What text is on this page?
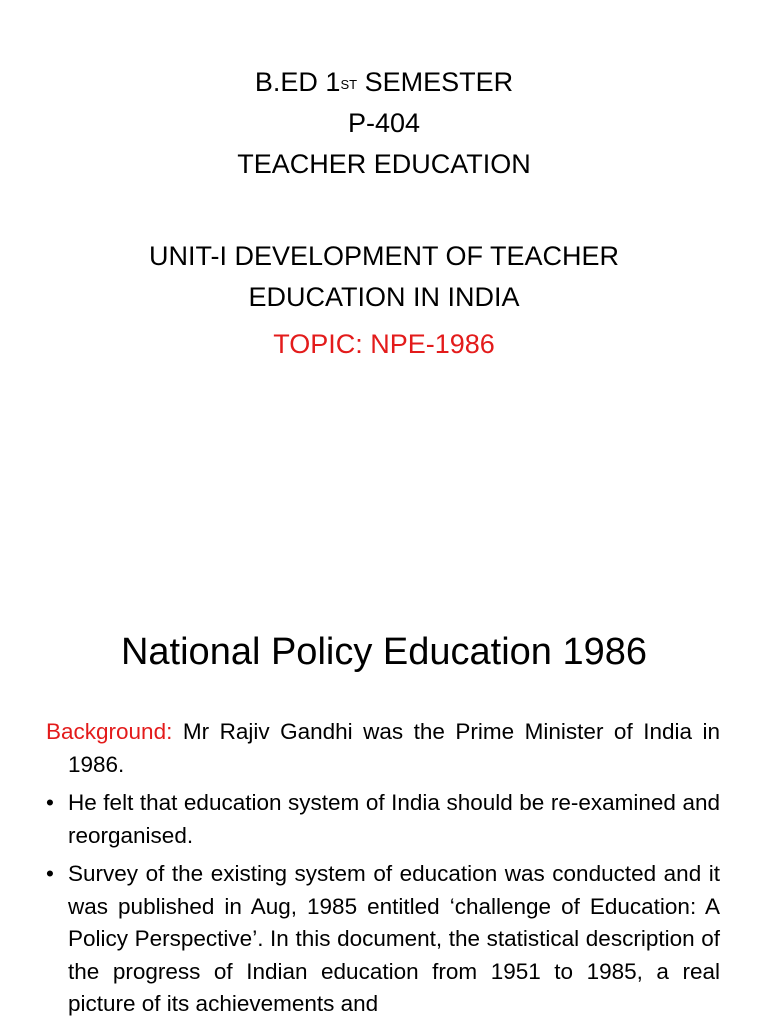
B.ED 1ST SEMESTER
P-404
TEACHER EDUCATION
UNIT-I DEVELOPMENT OF TEACHER
EDUCATION IN INDIA
TOPIC: NPE-1986
National Policy Education 1986

Background: Mr Rajiv Gandhi was the Prime Minister of India in 1986.

• He felt that education system of India should be re-examined and reorganised.
• Survey of the existing system of education was conducted and it was published in Aug, 1985 entitled ‘challenge of Education: A Policy Perspective’. In this document, the statistical description of the progress of Indian education from 1951 to 1985, a real picture of its achievements and
